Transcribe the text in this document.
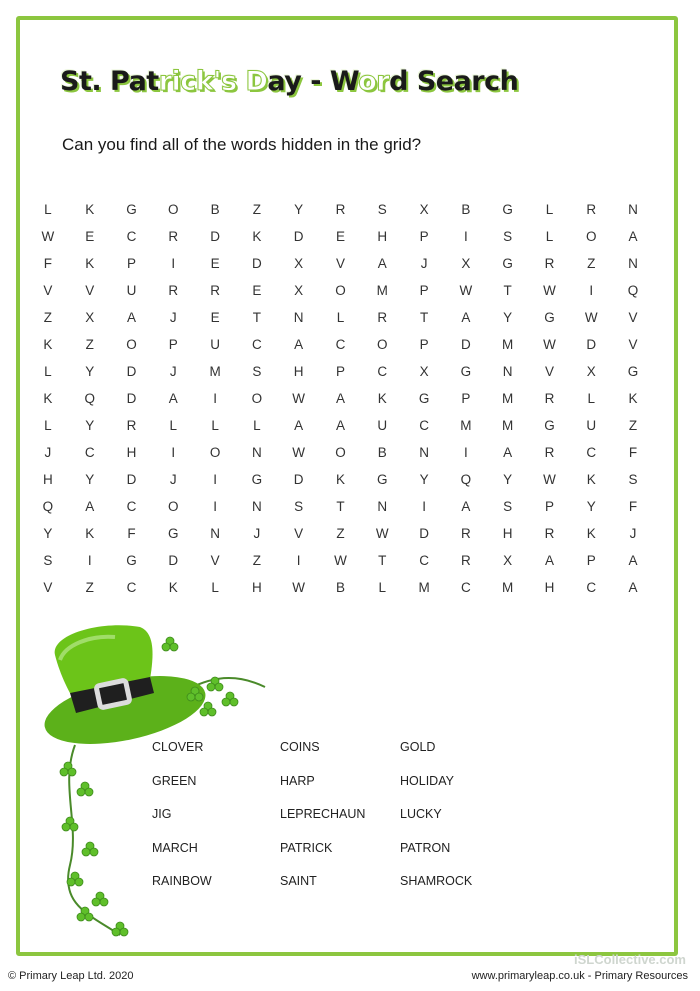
St. Patrick's Day - Word Search

Can you find all of the words hidden in the grid?

L	K	G	O	B	Z	Y	R	S	X	B	G	L	R	N
W	E	C	R	D	K	D	E	H	P	I	S	L	O	A
F	K	P	I	E	D	X	V	A	J	X	G	R	Z	N
V	V	U	R	R	E	X	O	M	P	W	T	W	I	Q
Z	X	A	J	E	T	N	L	R	T	A	Y	G	W	V
K	Z	O	P	U	C	A	C	O	P	D	M	W	D	V
L	Y	D	J	M	S	H	P	C	X	G	N	V	X	G
K	Q	D	A	I	O	W	A	K	G	P	M	R	L	K
L	Y	R	L	L	L	A	A	U	C	M	M	G	U	Z
J	C	H	I	O	N	W	O	B	N	I	A	R	C	F
H	Y	D	J	I	G	D	K	G	Y	Q	Y	W	K	S
Q	A	C	O	I	N	S	T	N	I	A	S	P	Y	F
Y	K	F	G	N	J	V	Z	W	D	R	H	R	K	J
S	I	G	D	V	Z	I	W	T	C	R	X	A	P	A
V	Z	C	K	L	H	W	B	L	M	C	M	H	C	A
CLOVER	COINS	GOLD
GREEN	HARP	HOLIDAY
JIG	LEPRECHAUN	LUCKY
MARCH	PATRICK	PATRON
RAINBOW	SAINT	SHAMROCK
iSLCollective.com
© Primary Leap Ltd. 2020	www.primaryleap.co.uk - Primary Resources
